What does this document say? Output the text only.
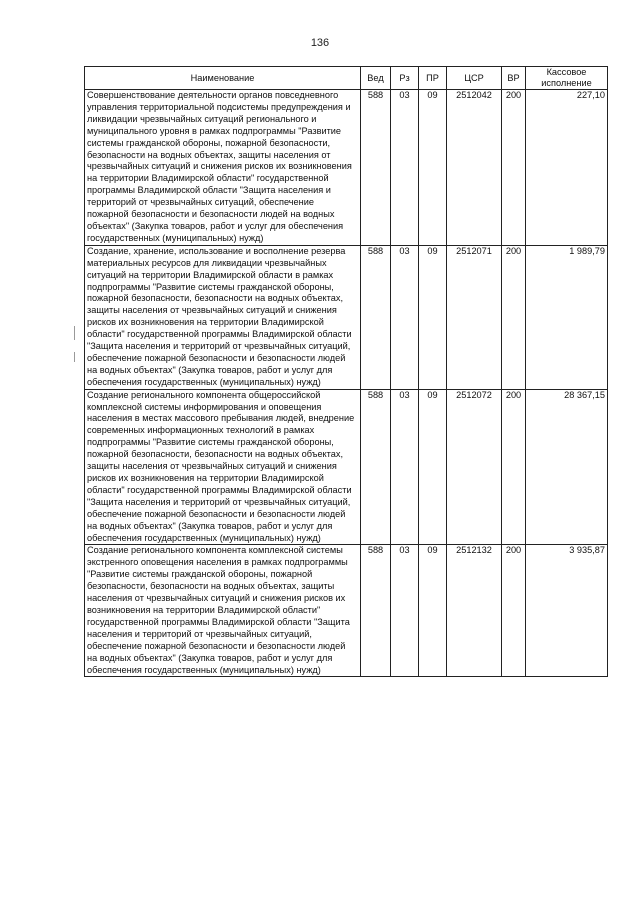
136
Наименование	Вед	Рз	ПР	ЦСР	ВР	Кассовое исполнение
Совершенствование деятельности органов повседневного управления территориальной подсистемы предупреждения и ликвидации чрезвычайных ситуаций регионального и муниципального уровня в рамках подпрограммы "Развитие системы гражданской обороны, пожарной безопасности, безопасности на водных объектах, защиты населения от чрезвычайных ситуаций и снижения рисков их возникновения на территории Владимирской области" государственной программы Владимирской области "Защита населения и территорий от чрезвычайных ситуаций, обеспечение пожарной безопасности и безопасности людей на водных объектах" (Закупка товаров, работ и услуг для обеспечения государственных (муниципальных) нужд)	588	03	09	2512042	200	227,10
Создание, хранение, использование и восполнение резерва материальных ресурсов для ликвидации чрезвычайных ситуаций на территории Владимирской области в рамках подпрограммы "Развитие системы гражданской обороны, пожарной безопасности, безопасности на водных объектах, защиты населения от чрезвычайных ситуаций и снижения рисков их возникновения на территории Владимирской области" государственной программы Владимирской области "Защита населения и территорий от чрезвычайных ситуаций, обеспечение пожарной безопасности и безопасности людей на водных объектах" (Закупка товаров, работ и услуг для обеспечения государственных (муниципальных) нужд)	588	03	09	2512071	200	1 989,79
Создание регионального компонента общероссийской комплексной системы информирования и оповещения населения в местах массового пребывания людей, внедрение современных информационных технологий в рамках подпрограммы "Развитие системы гражданской обороны, пожарной безопасности, безопасности на водных объектах, защиты населения от чрезвычайных ситуаций и снижения рисков их возникновения на территории Владимирской области" государственной программы Владимирской области "Защита населения и территорий от чрезвычайных ситуаций, обеспечение пожарной безопасности и безопасности людей на водных объектах" (Закупка товаров, работ и услуг для обеспечения государственных (муниципальных) нужд)	588	03	09	2512072	200	28 367,15
Создание регионального компонента комплексной системы экстренного оповещения населения в рамках подпрограммы "Развитие системы гражданской обороны, пожарной безопасности, безопасности на водных объектах, защиты населения от чрезвычайных ситуаций и снижения рисков их возникновения на территории Владимирской области" государственной программы Владимирской области "Защита населения и территорий от чрезвычайных ситуаций, обеспечение пожарной безопасности и безопасности людей на водных объектах" (Закупка товаров, работ и услуг для обеспечения государственных (муниципальных) нужд)	588	03	09	2512132	200	3 935,87
